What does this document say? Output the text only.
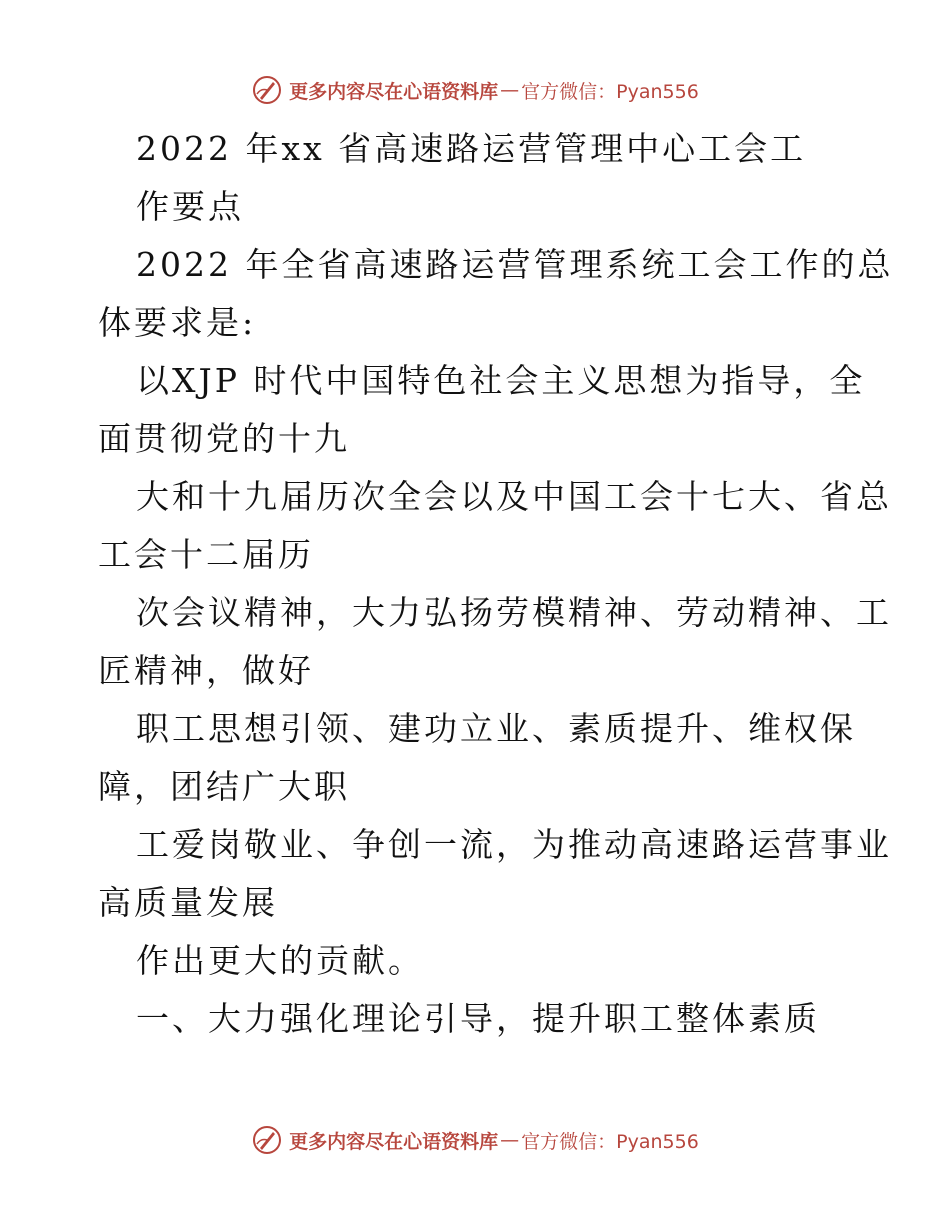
更多内容尽在心语资料库 — 官方微信：Pyan556
2022 年xx 省高速路运营管理中心工会工
作要点
2022 年全省高速路运营管理系统工会工作的总
体要求是:
以XJP 时代中国特色社会主义思想为指导，全
面贯彻党的十九
大和十九届历次全会以及中国工会十七大、省总
工会十二届历
次会议精神，大力弘扬劳模精神、劳动精神、工
匠精神，做好
职工思想引领、建功立业、素质提升、维权保
障，团结广大职
工爱岗敬业、争创一流，为推动高速路运营事业
高质量发展
作出更大的贡献。
一、大力强化理论引导，提升职工整体素质
更多内容尽在心语资料库 — 官方微信：Pyan556
